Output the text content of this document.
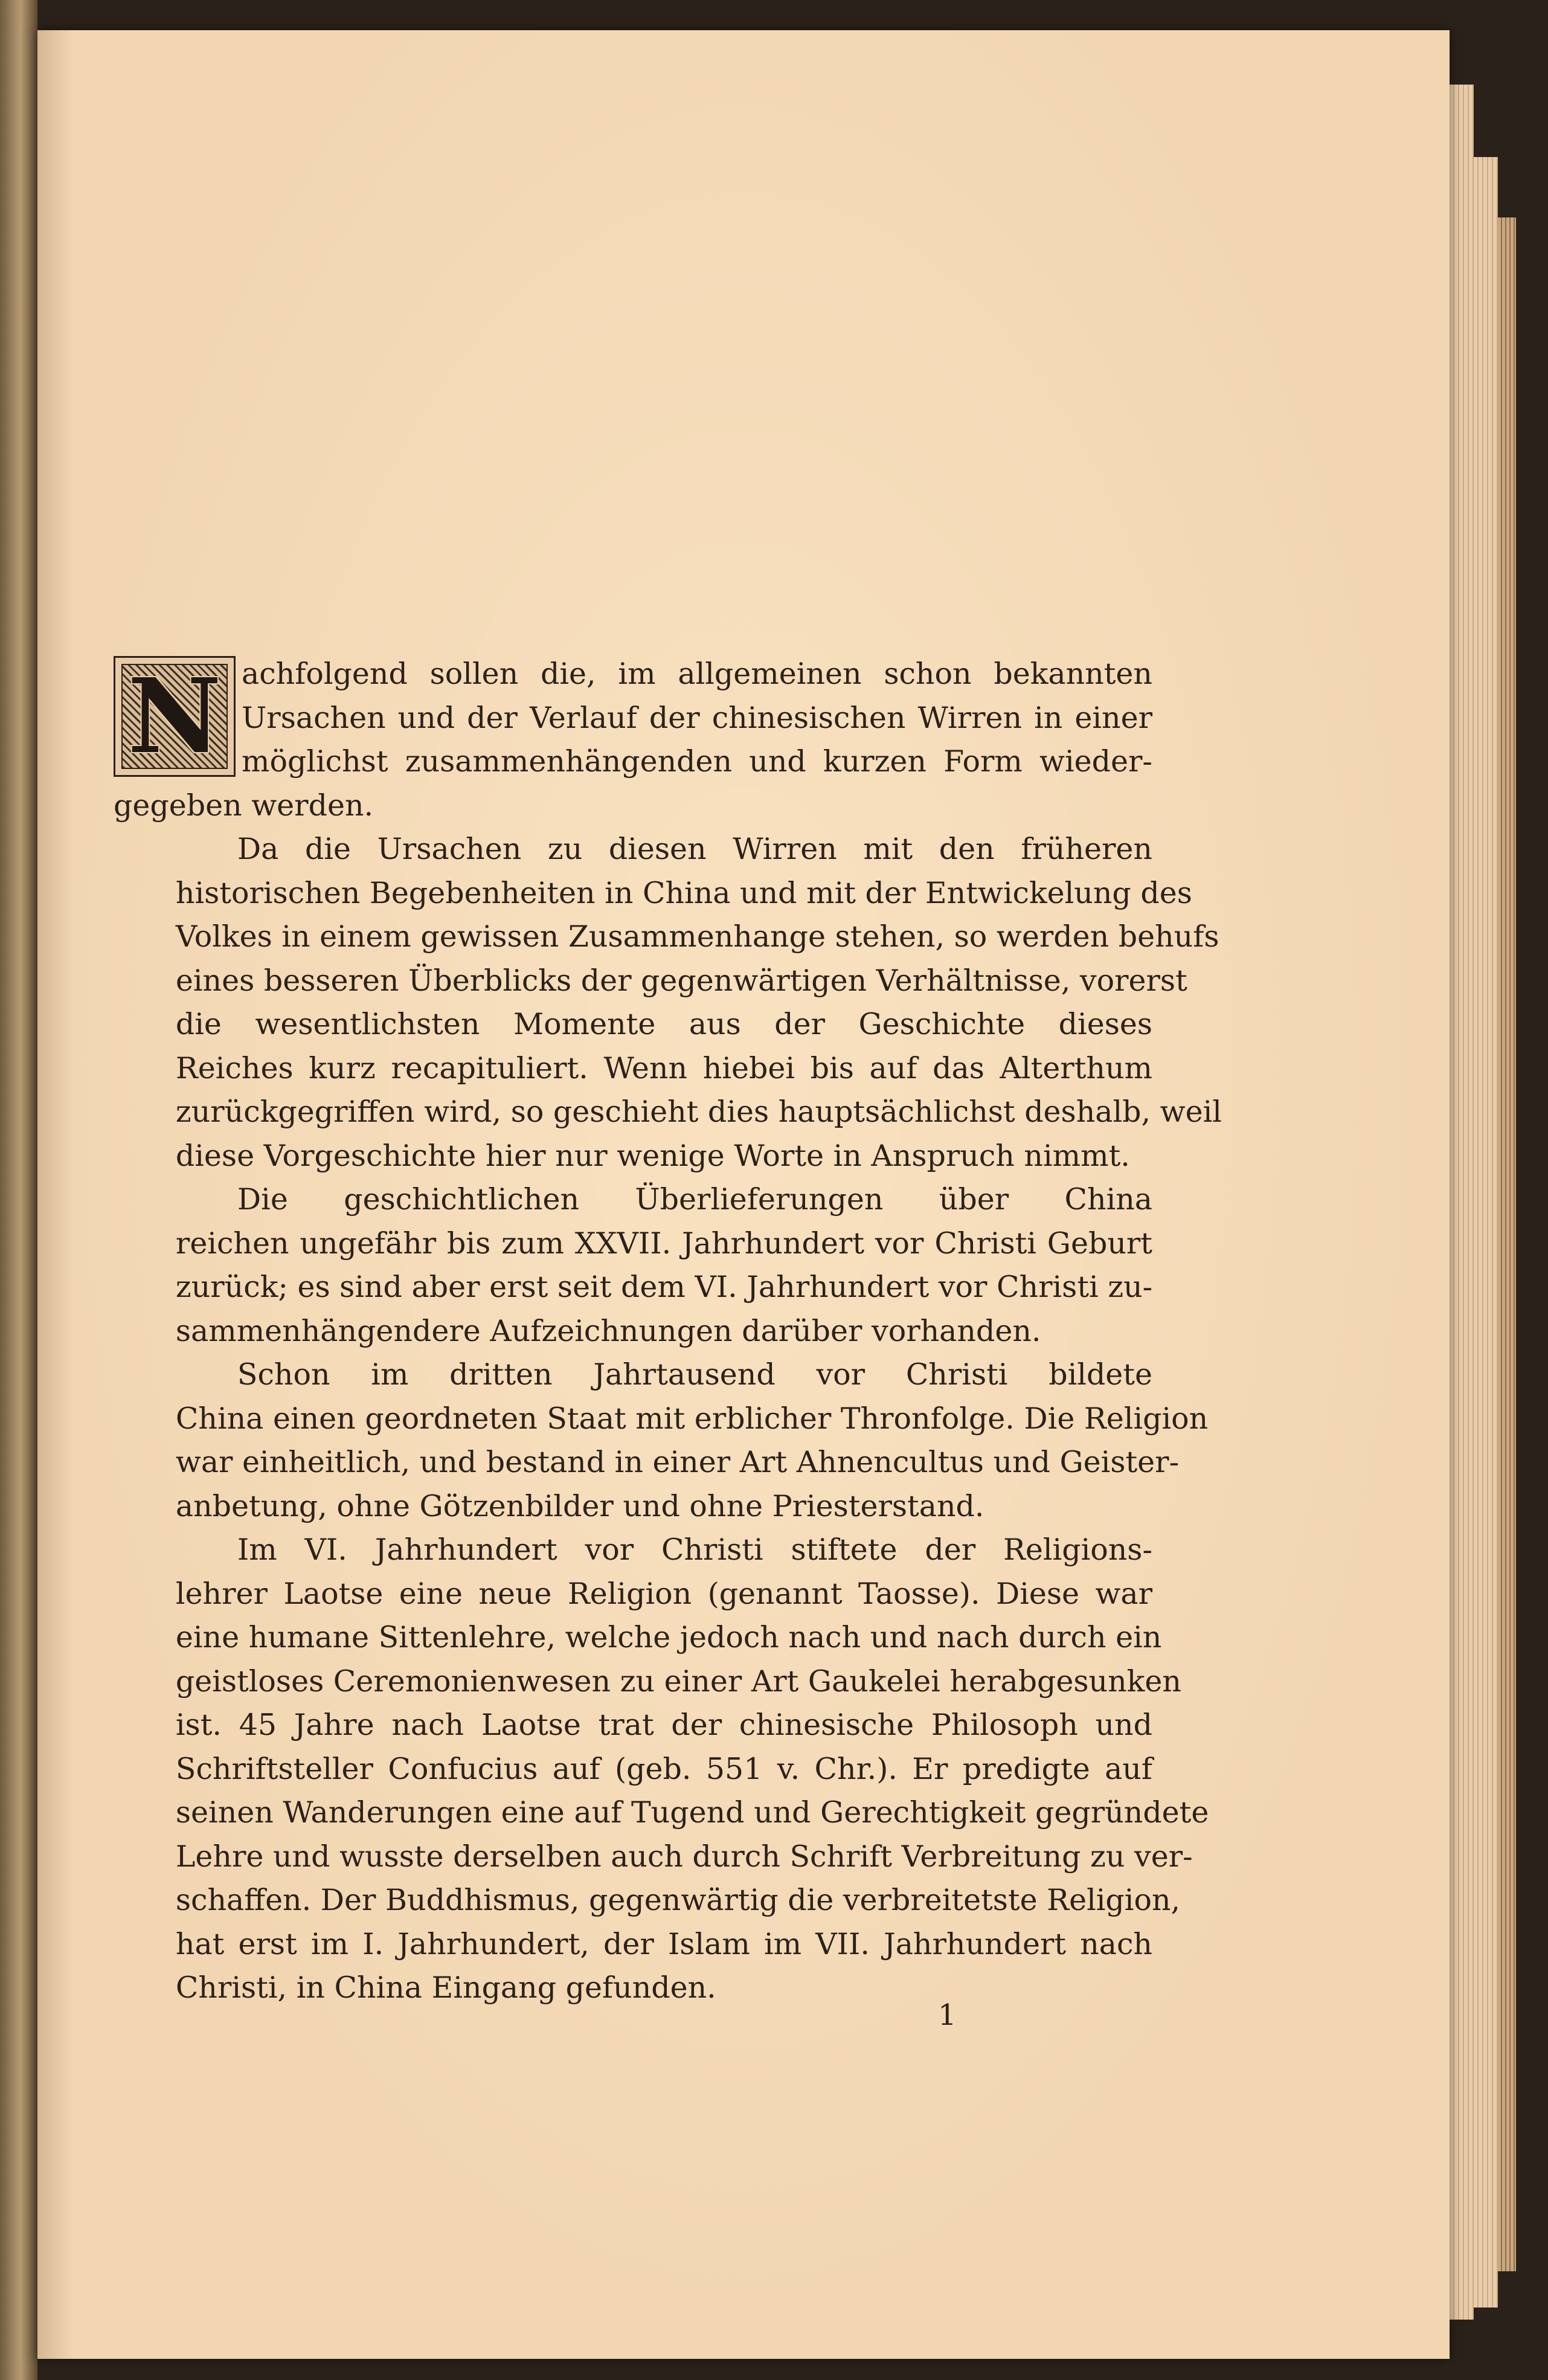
N achfolgend sollen die, im allgemeinen schon bekannten
Ursachen und der Verlauf der chinesischen Wirren in einer
möglichst zusammenhängenden und kurzen Form wieder-
gegeben werden.
Da die Ursachen zu diesen Wirren mit den früheren
historischen Begebenheiten in China und mit der Entwickelung des
Volkes in einem gewissen Zusammenhange stehen, so werden behufs
eines besseren Überblicks der gegenwärtigen Verhältnisse, vorerst
die wesentlichsten Momente aus der Geschichte dieses
Reiches kurz recapituliert. Wenn hiebei bis auf das Alterthum
zurückgegriffen wird, so geschieht dies hauptsächlichst deshalb, weil
diese Vorgeschichte hier nur wenige Worte in Anspruch nimmt.
Die geschichtlichen Überlieferungen über China
reichen ungefähr bis zum XXVII. Jahrhundert vor Christi Geburt
zurück; es sind aber erst seit dem VI. Jahrhundert vor Christi zu-
sammenhängendere Aufzeichnungen darüber vorhanden.
Schon im dritten Jahrtausend vor Christi bildete
China einen geordneten Staat mit erblicher Thronfolge. Die Religion
war einheitlich, und bestand in einer Art Ahnencultus und Geister-
anbetung, ohne Götzenbilder und ohne Priesterstand.
Im VI. Jahrhundert vor Christi stiftete der Religions-
lehrer Laotse eine neue Religion (genannt Taosse). Diese war
eine humane Sittenlehre, welche jedoch nach und nach durch ein
geistloses Ceremonienwesen zu einer Art Gaukelei herabgesunken
ist. 45 Jahre nach Laotse trat der chinesische Philosoph und
Schriftsteller Confucius auf (geb. 551 v. Chr.). Er predigte auf
seinen Wanderungen eine auf Tugend und Gerechtigkeit gegründete
Lehre und wusste derselben auch durch Schrift Verbreitung zu ver-
schaffen. Der Buddhismus, gegenwärtig die verbreitetste Religion,
hat erst im I. Jahrhundert, der Islam im VII. Jahrhundert nach
Christi, in China Eingang gefunden.
1
